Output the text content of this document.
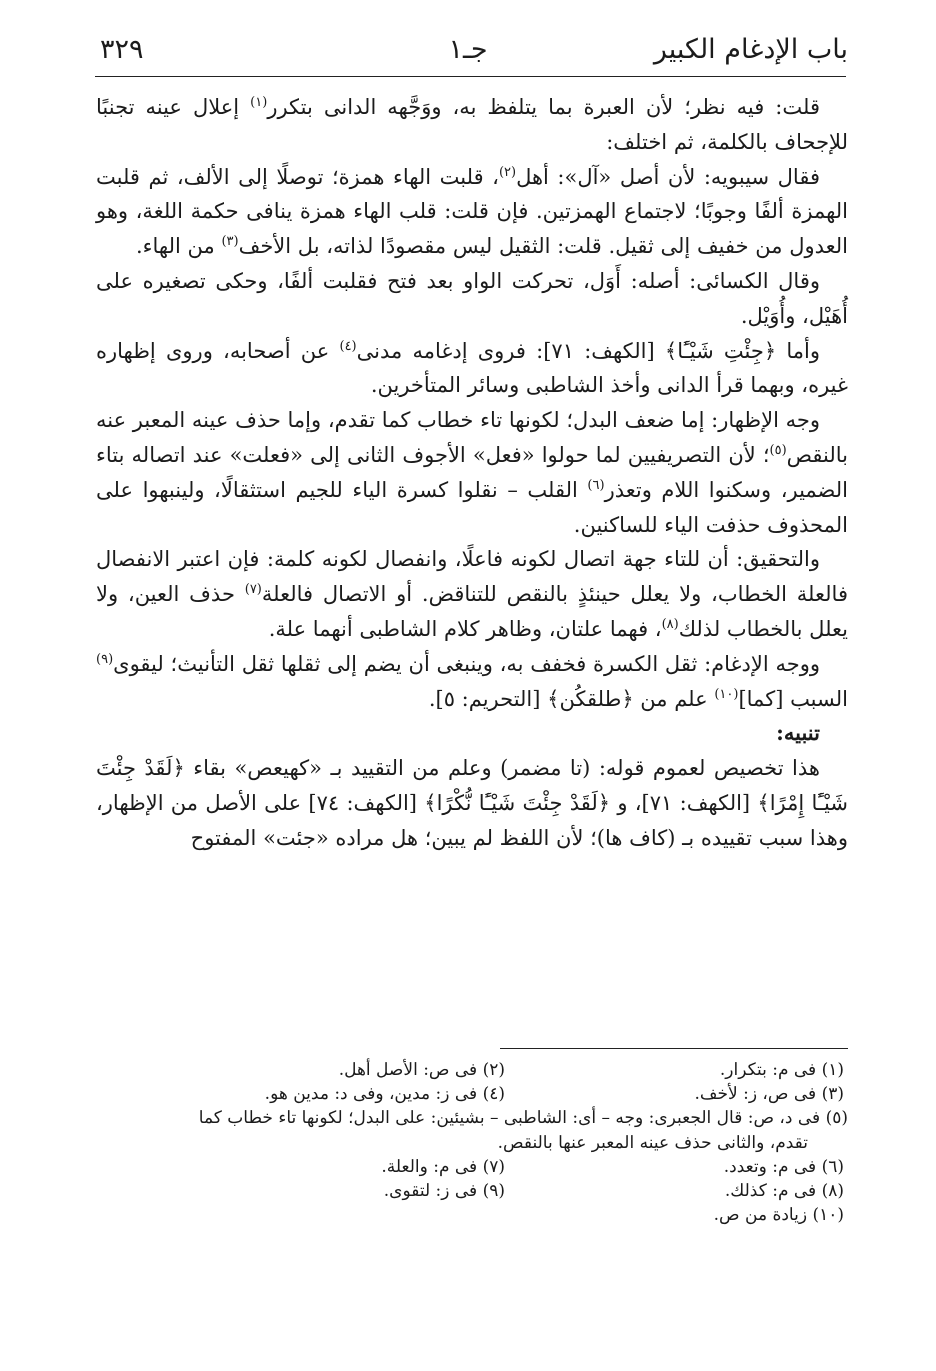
باب الإدغام الكبير
جـ١
٣٢٩

قلت: فيه نظر؛ لأن العبرة بما يتلفظ به، ووَجَّهه الدانى بتكرر$^{(١)}$ إعلال عينه تجنبًا للإجحاف بالكلمة، ثم اختلف:

فقال سيبويه: لأن أصل «آل»: أهل$^{(٢)}$، قلبت الهاء همزة؛ توصلًا إلى الألف، ثم قلبت الهمزة ألفًا وجوبًا؛ لاجتماع الهمزتين. فإن قلت: قلب الهاء همزة ينافى حكمة اللغة، وهو العدول من خفيف إلى ثقيل. قلت: الثقيل ليس مقصودًا لذاته، بل الأخف$^{(٣)}$ من الهاء.

وقال الكسائى: أصله: أَوَل، تحركت الواو بعد فتح فقلبت ألفًا، وحكى تصغيره على أُهَيْل، وأُوَيْل.

وأما ﴿جِئْتِ شَيْـًٔا﴾ [الكهف: ٧١]: فروى إدغامه مدنى$^{(٤)}$ عن أصحابه، وروى إظهاره غيره، وبهما قرأ الدانى وأخذ الشاطبى وسائر المتأخرين.

وجه الإظهار: إما ضعف البدل؛ لكونها تاء خطاب كما تقدم، وإما حذف عينه المعبر عنه بالنقص$^{(٥)}$؛ لأن التصريفيين لما حولوا «فعل» الأجوف الثانى إلى «فعلت» عند اتصاله بتاء الضمير، وسكنوا اللام وتعذر$^{(٦)}$ القلب – نقلوا كسرة الياء للجيم استثقالًا، ولينبهوا على المحذوف حذفت الياء للساكنين.

والتحقيق: أن للتاء جهة اتصال لكونه فاعلًا، وانفصال لكونه كلمة: فإن اعتبر الانفصال فالعلة الخطاب، ولا يعلل حينئذٍ بالنقص للتناقض. أو الاتصال فالعلة$^{(٧)}$ حذف العين، ولا يعلل بالخطاب لذلك$^{(٨)}$، فهما علتان، وظاهر كلام الشاطبى أنهما علة.

ووجه الإدغام: ثقل الكسرة فخفف به، وينبغى أن يضم إلى ثقلها ثقل التأنيث؛ ليقوى$^{(٩)}$ السبب [كما]$^{(١٠)}$ علم من ﴿طلقكُن﴾ [التحريم: ٥].

تنبيه:

هذا تخصيص لعموم قوله: (تا مضمر) وعلم من التقييد بـ «كهيعص» بقاء ﴿لَقَدْ جِئْتَ شَيْـًٔا إِمْرًا﴾ [الكهف: ٧١]، و ﴿لَقَدْ جِئْتَ شَيْـًٔا نُّكْرًا﴾ [الكهف: ٧٤] على الأصل من الإظهار، وهذا سبب تقييده بـ (كاف ها)؛ لأن اللفظ لم يبين؛ هل مراده «جئت» المفتوح

(١) فى م: بتكرار.
(٢) فى ص: الأصل أهل.
(٣) فى ص، ز: لأخف.
(٤) فى ز: مدين، وفى د: مدين هو.
(٥) فى د، ص: قال الجعبرى: وجه – أى: الشاطبى – بشيئين: على البدل؛ لكونها تاء خطاب كما
تقدم، والثانى حذف عينه المعبر عنها بالنقص.
(٦) فى م: وتعدد.
(٧) فى م: والعلة.
(٨) فى م: كذلك.
(٩) فى ز: لتقوى.
(١٠) زيادة من ص.
